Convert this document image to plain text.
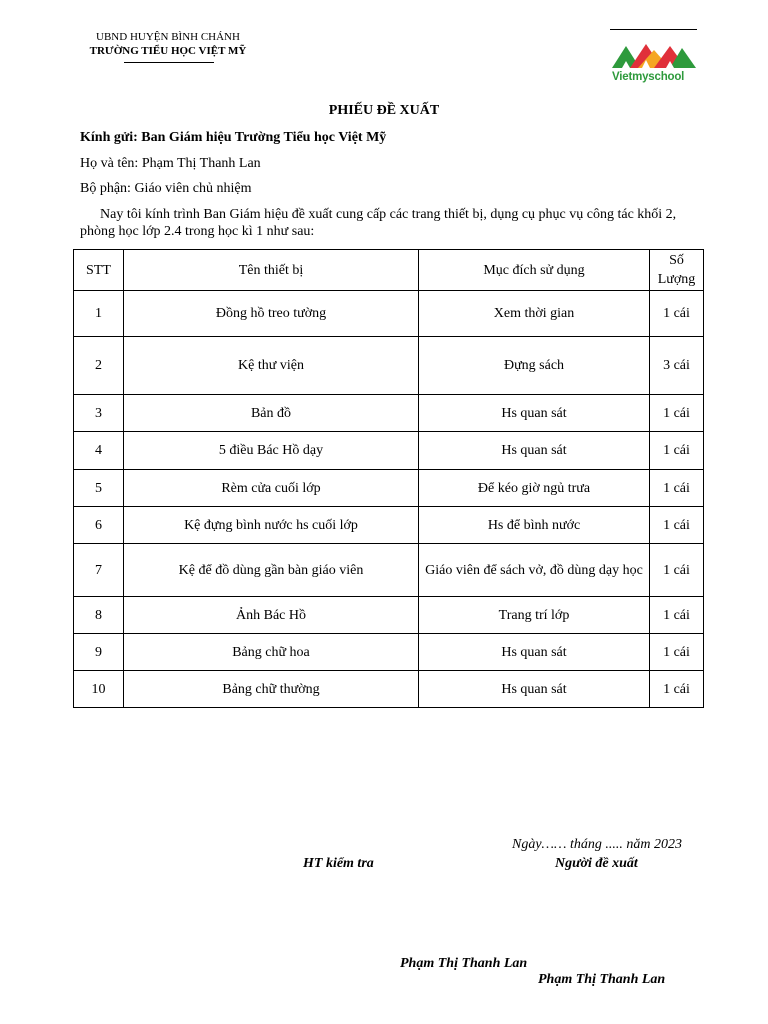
UBND HUYỆN BÌNH CHÁNH
TRƯỜNG TIỂU HỌC VIỆT MỸ
Vietmyschool
PHIẾU ĐỀ XUẤT
Kính gửi: Ban Giám hiệu Trường Tiểu học Việt Mỹ
Họ và tên: Phạm Thị Thanh Lan
Bộ phận: Giáo viên chủ nhiệm
Nay tôi kính trình Ban Giám hiệu đề xuất cung cấp các trang thiết bị, dụng cụ phục vụ công tác khối 2, phòng học lớp 2.4 trong học kì 1 như sau:
STT	Tên thiết bị	Mục đích sử dụng	Số Lượng
1	Đồng hồ treo tường	Xem thời gian	1 cái
2	Kệ thư viện	Đựng sách	3 cái
3	Bản đồ	Hs quan sát	1 cái
4	5 điều Bác Hồ dạy	Hs quan sát	1 cái
5	Rèm cửa cuối lớp	Để kéo giờ ngủ trưa	1 cái
6	Kệ đựng bình nước hs cuối lớp	Hs để bình nước	1 cái
7	Kệ để đồ dùng gần bàn giáo viên	Giáo viên để sách vở, đồ dùng dạy học	1 cái
8	Ảnh Bác Hồ	Trang trí lớp	1 cái
9	Bảng chữ hoa	Hs quan sát	1 cái
10	Bảng chữ thường	Hs quan sát	1 cái
Ngày…… tháng ..... năm 2023
HT kiểm tra	Người đề xuất
Phạm Thị Thanh Lan
Phạm Thị Thanh Lan
